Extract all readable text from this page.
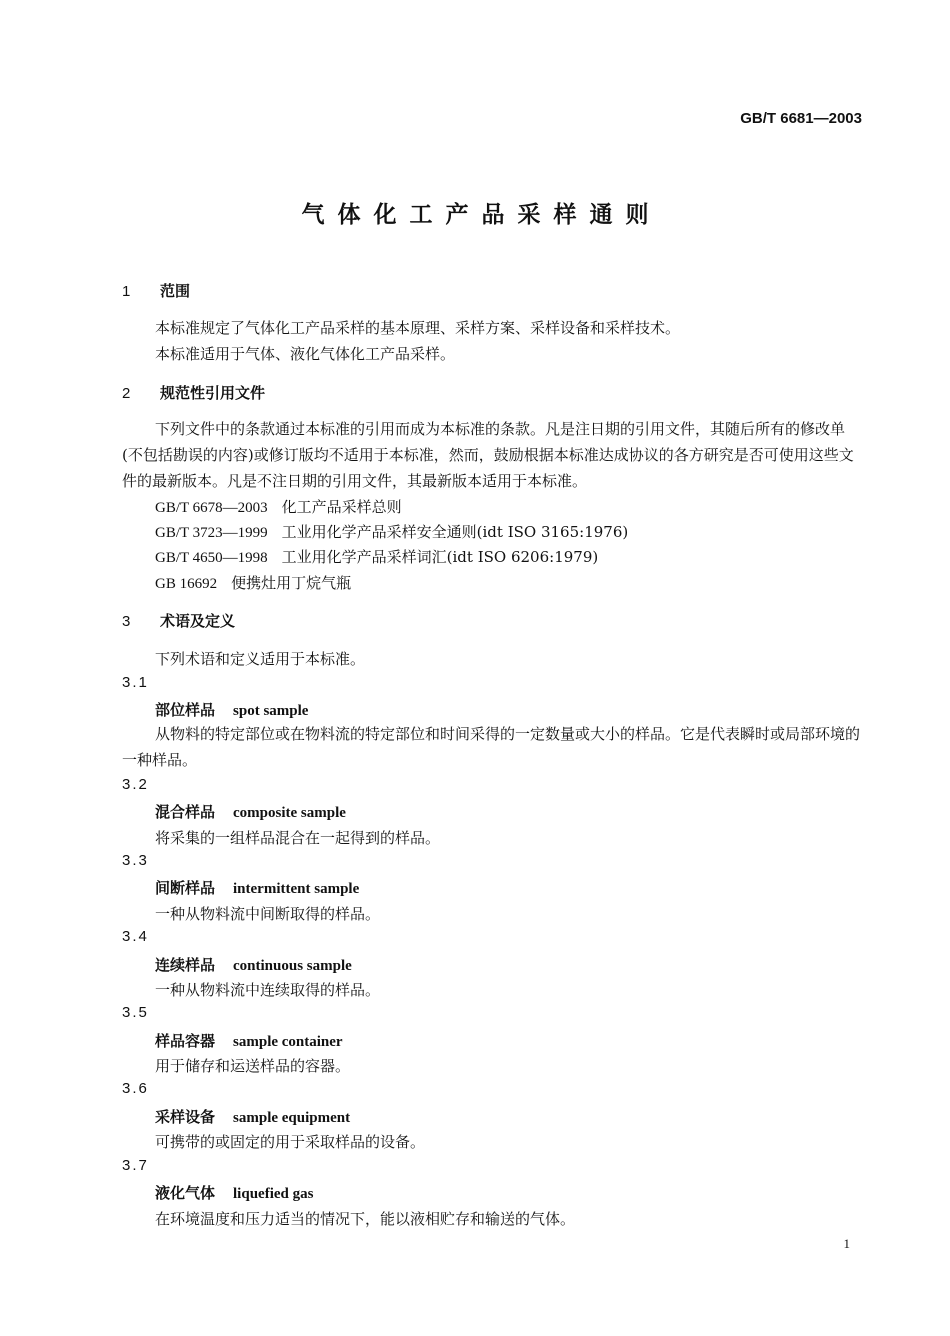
GB/T 6681—2003
气体化工产品采样通则
1 范围
本标准规定了气体化工产品采样的基本原理、采样方案、采样设备和采样技术。
本标准适用于气体、液化气体化工产品采样。
2 规范性引用文件
下列文件中的条款通过本标准的引用而成为本标准的条款。凡是注日期的引用文件，其随后所有的修改单(不包括勘误的内容)或修订版均不适用于本标准，然而，鼓励根据本标准达成协议的各方研究是否可使用这些文件的最新版本。凡是不注日期的引用文件，其最新版本适用于本标准。
GB/T 6678—2003 化工产品采样总则
GB/T 3723—1999 工业用化学产品采样安全通则(idt ISO 3165:1976)
GB/T 4650—1998 工业用化学产品采样词汇(idt ISO 6206:1979)
GB 16692 便携灶用丁烷气瓶
3 术语及定义
下列术语和定义适用于本标准。
3.1
部位样品 spot sample
从物料的特定部位或在物料流的特定部位和时间采得的一定数量或大小的样品。它是代表瞬时或局部环境的一种样品。
3.2
混合样品 composite sample
将采集的一组样品混合在一起得到的样品。
3.3
间断样品 intermittent sample
一种从物料流中间断取得的样品。
3.4
连续样品 continuous sample
一种从物料流中连续取得的样品。
3.5
样品容器 sample container
用于储存和运送样品的容器。
3.6
采样设备 sample equipment
可携带的或固定的用于采取样品的设备。
3.7
液化气体 liquefied gas
在环境温度和压力适当的情况下，能以液相贮存和输送的气体。
1
